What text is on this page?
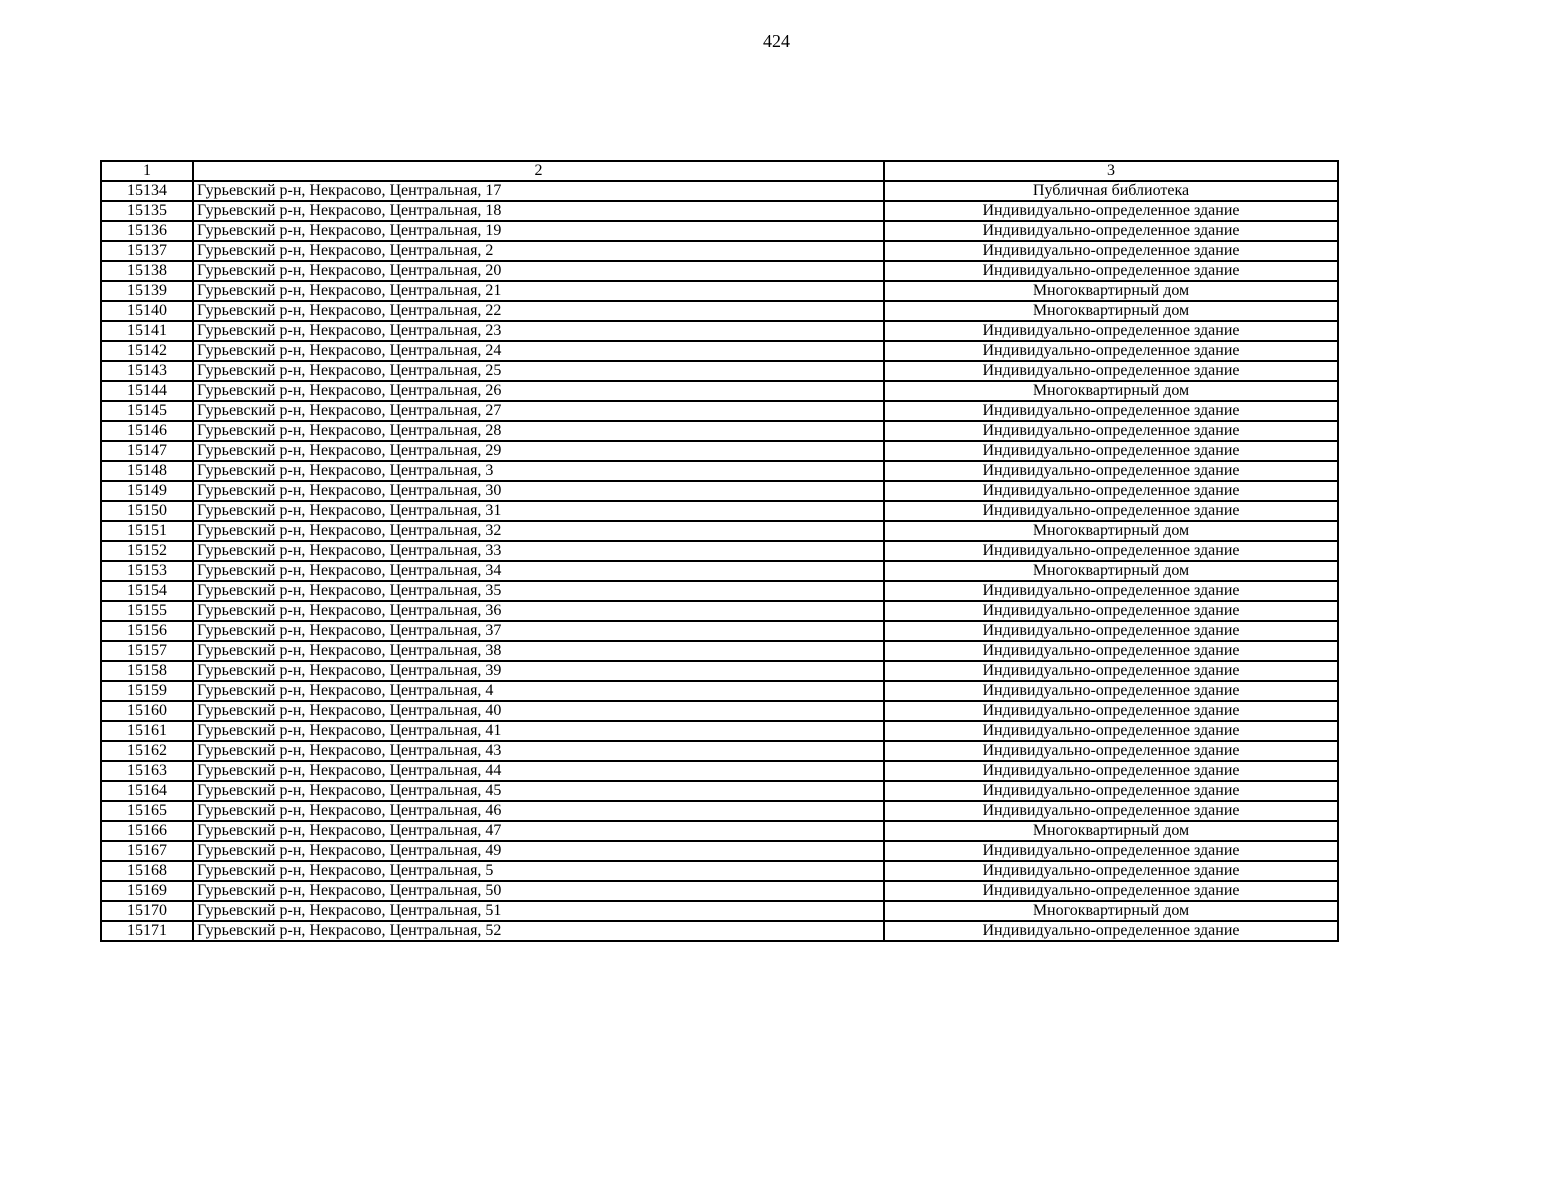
424
1	2	3
15134	Гурьевский р-н, Некрасово, Центральная, 17	Публичная библиотека
15135	Гурьевский р-н, Некрасово, Центральная, 18	Индивидуально-определенное здание
15136	Гурьевский р-н, Некрасово, Центральная, 19	Индивидуально-определенное здание
15137	Гурьевский р-н, Некрасово, Центральная, 2	Индивидуально-определенное здание
15138	Гурьевский р-н, Некрасово, Центральная, 20	Индивидуально-определенное здание
15139	Гурьевский р-н, Некрасово, Центральная, 21	Многоквартирный дом
15140	Гурьевский р-н, Некрасово, Центральная, 22	Многоквартирный дом
15141	Гурьевский р-н, Некрасово, Центральная, 23	Индивидуально-определенное здание
15142	Гурьевский р-н, Некрасово, Центральная, 24	Индивидуально-определенное здание
15143	Гурьевский р-н, Некрасово, Центральная, 25	Индивидуально-определенное здание
15144	Гурьевский р-н, Некрасово, Центральная, 26	Многоквартирный дом
15145	Гурьевский р-н, Некрасово, Центральная, 27	Индивидуально-определенное здание
15146	Гурьевский р-н, Некрасово, Центральная, 28	Индивидуально-определенное здание
15147	Гурьевский р-н, Некрасово, Центральная, 29	Индивидуально-определенное здание
15148	Гурьевский р-н, Некрасово, Центральная, 3	Индивидуально-определенное здание
15149	Гурьевский р-н, Некрасово, Центральная, 30	Индивидуально-определенное здание
15150	Гурьевский р-н, Некрасово, Центральная, 31	Индивидуально-определенное здание
15151	Гурьевский р-н, Некрасово, Центральная, 32	Многоквартирный дом
15152	Гурьевский р-н, Некрасово, Центральная, 33	Индивидуально-определенное здание
15153	Гурьевский р-н, Некрасово, Центральная, 34	Многоквартирный дом
15154	Гурьевский р-н, Некрасово, Центральная, 35	Индивидуально-определенное здание
15155	Гурьевский р-н, Некрасово, Центральная, 36	Индивидуально-определенное здание
15156	Гурьевский р-н, Некрасово, Центральная, 37	Индивидуально-определенное здание
15157	Гурьевский р-н, Некрасово, Центральная, 38	Индивидуально-определенное здание
15158	Гурьевский р-н, Некрасово, Центральная, 39	Индивидуально-определенное здание
15159	Гурьевский р-н, Некрасово, Центральная, 4	Индивидуально-определенное здание
15160	Гурьевский р-н, Некрасово, Центральная, 40	Индивидуально-определенное здание
15161	Гурьевский р-н, Некрасово, Центральная, 41	Индивидуально-определенное здание
15162	Гурьевский р-н, Некрасово, Центральная, 43	Индивидуально-определенное здание
15163	Гурьевский р-н, Некрасово, Центральная, 44	Индивидуально-определенное здание
15164	Гурьевский р-н, Некрасово, Центральная, 45	Индивидуально-определенное здание
15165	Гурьевский р-н, Некрасово, Центральная, 46	Индивидуально-определенное здание
15166	Гурьевский р-н, Некрасово, Центральная, 47	Многоквартирный дом
15167	Гурьевский р-н, Некрасово, Центральная, 49	Индивидуально-определенное здание
15168	Гурьевский р-н, Некрасово, Центральная, 5	Индивидуально-определенное здание
15169	Гурьевский р-н, Некрасово, Центральная, 50	Индивидуально-определенное здание
15170	Гурьевский р-н, Некрасово, Центральная, 51	Многоквартирный дом
15171	Гурьевский р-н, Некрасово, Центральная, 52	Индивидуально-определенное здание
